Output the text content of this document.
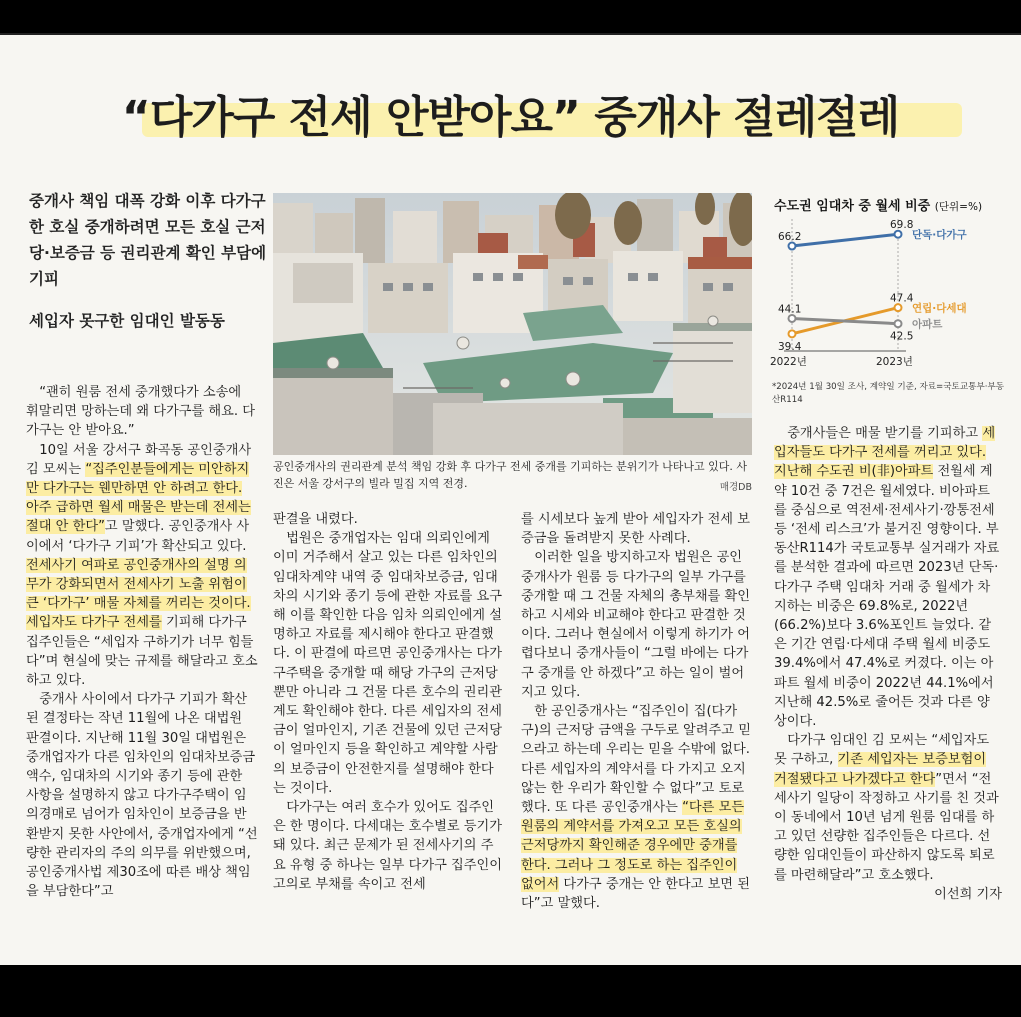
“다가구 전세 안받아요” 중개사 절레절레

중개사 책임 대폭 강화 이후 다가구 한 호실 중개하려면 모든 호실 근저당·보증금 등 권리관계 확인 부담에 기피

세입자 못구한 임대인 발동동

공인중개사의 권리관계 분석 책임 강화 후 다가구 전세 중개를 기피하는 분위기가 나타나고 있다. 사진은 서울 강서구의 빌라 밀집 지역 전경.	매경DB
수도권 임대차 중 월세 비중 (단위=%)
66.2
69.8
단독·다가구
39.4
47.4
연립·다세대
44.1
42.5
아파트
2022년	2023년
*2024년 1월 30일 조사, 계약일 기준, 자료=국토교통부·부동산R114

“괜히 원룸 전세 중개했다가 소송에 휘말리면 망하는데 왜 다가구를 해요. 다가구는 안 받아요.”

10일 서울 강서구 화곡동 공인중개사 김 모씨는 “집주인분들에게는 미안하지만 다가구는 웬만하면 안 하려고 한다. 아주 급하면 월세 매물은 받는데 전세는 절대 안 한다”고 말했다. 공인중개사 사이에서 ‘다가구 기피’가 확산되고 있다. 전세사기 여파로 공인중개사의 설명 의무가 강화되면서 전세사기 노출 위험이 큰 ‘다가구’ 매물 자체를 꺼리는 것이다. 세입자도 다가구 전세를 기피해 다가구 집주인들은 “세입자 구하기가 너무 힘들다”며 현실에 맞는 규제를 해달라고 호소하고 있다.

중개사 사이에서 다가구 기피가 확산된 결정타는 작년 11월에 나온 대법원 판결이다. 지난해 11월 30일 대법원은 중개업자가 다른 임차인의 임대차보증금 액수, 임대차의 시기와 종기 등에 관한 사항을 설명하지 않고 다가구주택이 임의경매로 넘어가 임차인이 보증금을 반환받지 못한 사안에서, 중개업자에게 “선량한 관리자의 주의 의무를 위반했으며, 공인중개사법 제30조에 따른 배상 책임을 부담한다”고

판결을 내렸다.

법원은 중개업자는 임대 의뢰인에게 이미 거주해서 살고 있는 다른 임차인의 임대차계약 내역 중 임대차보증금, 임대차의 시기와 종기 등에 관한 자료를 요구해 이를 확인한 다음 임차 의뢰인에게 설명하고 자료를 제시해야 한다고 판결했다. 이 판결에 따르면 공인중개사는 다가구주택을 중개할 때 해당 가구의 근저당뿐만 아니라 그 건물 다른 호수의 권리관계도 확인해야 한다. 다른 세입자의 전세금이 얼마인지, 기존 건물에 있던 근저당이 얼마인지 등을 확인하고 계약할 사람의 보증금이 안전한지를 설명해야 한다는 것이다.

다가구는 여러 호수가 있어도 집주인은 한 명이다. 다세대는 호수별로 등기가 돼 있다. 최근 문제가 된 전세사기의 주요 유형 중 하나는 일부 다가구 집주인이 고의로 부채를 속이고 전세

를 시세보다 높게 받아 세입자가 전세 보증금을 돌려받지 못한 사례다.

이러한 일을 방지하고자 법원은 공인중개사가 원룸 등 다가구의 일부 가구를 중개할 때 그 건물 자체의 총부채를 확인하고 시세와 비교해야 한다고 판결한 것이다. 그러나 현실에서 이렇게 하기가 어렵다보니 중개사들이 “그럴 바에는 다가구 중개를 안 하겠다”고 하는 일이 벌어지고 있다.

한 공인중개사는 “집주인이 집(다가구)의 근저당 금액을 구두로 알려주고 믿으라고 하는데 우리는 믿을 수밖에 없다. 다른 세입자의 계약서를 다 가지고 오지 않는 한 우리가 확인할 수 없다”고 토로했다. 또 다른 공인중개사는 “다른 모든 원룸의 계약서를 가져오고 모든 호실의 근저당까지 확인해준 경우에만 중개를 한다. 그러나 그 정도로 하는 집주인이 없어서 다가구 중개는 안 한다고 보면 된다”고 말했다.

중개사들은 매물 받기를 기피하고 세입자들도 다가구 전세를 꺼리고 있다. 지난해 수도권 비(非)아파트 전월세 계약 10건 중 7건은 월세였다. 비아파트를 중심으로 역전세·전세사기·깡통전세 등 ‘전세 리스크’가 불거진 영향이다. 부동산R114가 국토교통부 실거래가 자료를 분석한 결과에 따르면 2023년 단독·다가구 주택 임대차 거래 중 월세가 차지하는 비중은 69.8%로, 2022년(66.2%)보다 3.6%포인트 늘었다. 같은 기간 연립·다세대 주택 월세 비중도 39.4%에서 47.4%로 커졌다. 이는 아파트 월세 비중이 2022년 44.1%에서 지난해 42.5%로 줄어든 것과 다른 양상이다.

다가구 임대인 김 모씨는 “세입자도 못 구하고, 기존 세입자는 보증보험이 거절됐다고 나가겠다고 한다”면서 “전세사기 일당이 작정하고 사기를 친 것과 이 동네에서 10년 넘게 원룸 임대를 하고 있던 선량한 집주인들은 다르다. 선량한 임대인들이 파산하지 않도록 퇴로를 마련해달라”고 호소했다.

이선희 기자
